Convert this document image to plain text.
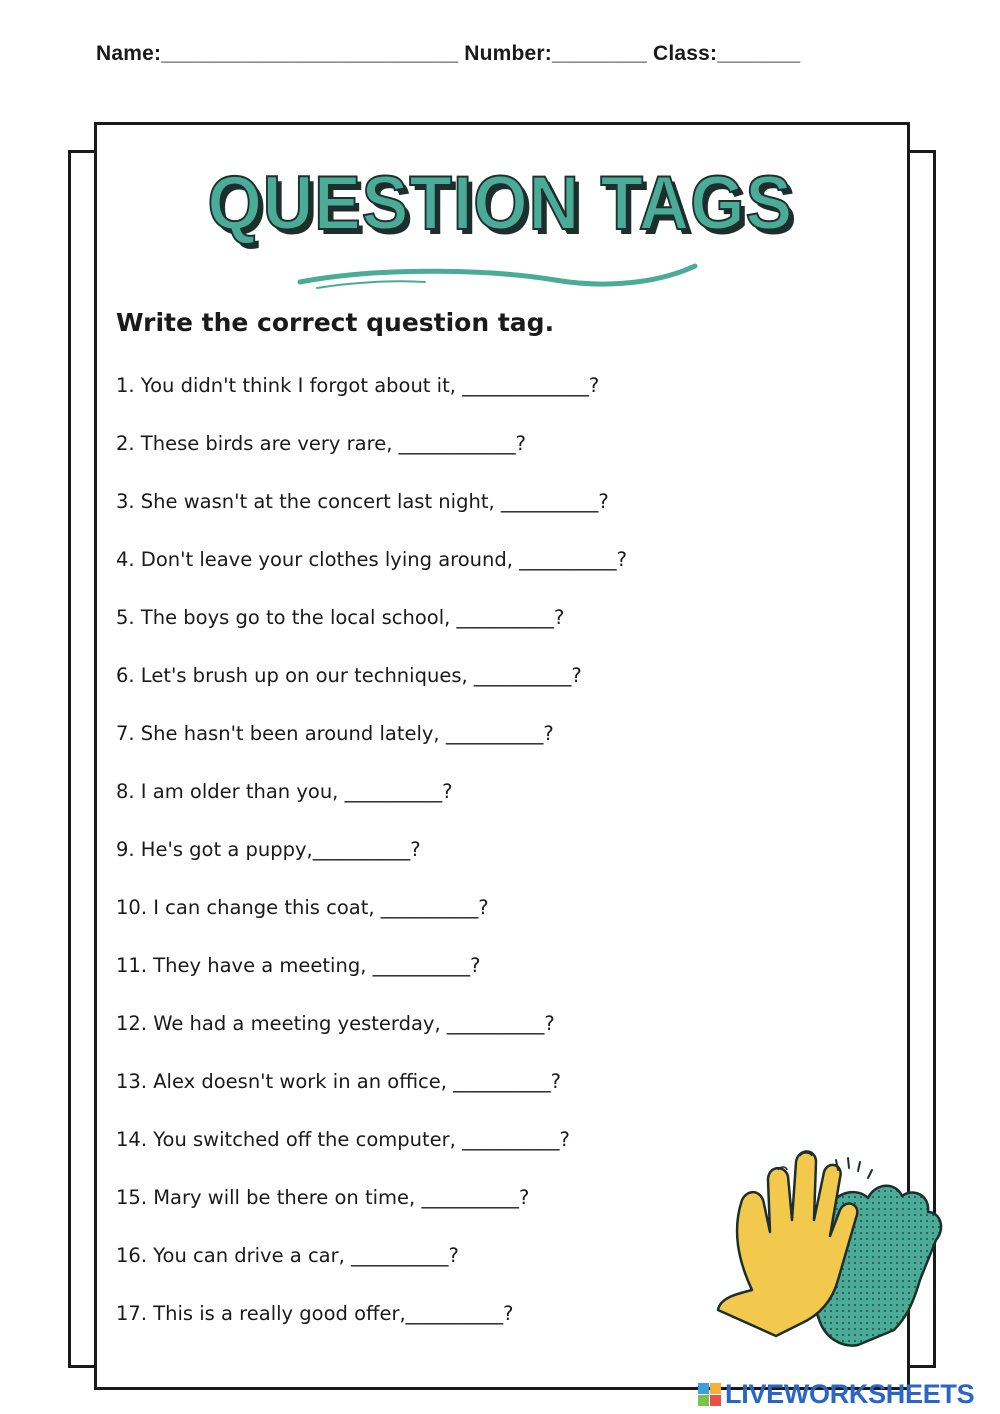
Name:_________________________ Number:________ Class:_______
QUESTION TAGS
Write the correct question tag.
1. You didn't think I forgot about it, _____________?
2. These birds are very rare, ____________?
3. She wasn't at the concert last night, __________?
4. Don't leave your clothes lying around, __________?
5. The boys go to the local school, __________?
6. Let's brush up on our techniques, __________?
7. She hasn't been around lately, __________?
8. I am older than you, __________?
9. He's got a puppy,__________?
10. I can change this coat, __________?
11. They have a meeting, __________?
12. We had a meeting yesterday, __________?
13. Alex doesn't work in an office, __________?
14. You switched off the computer, __________?
15. Mary will be there on time, __________?
16. You can drive a car, __________?
17. This is a really good offer,__________?
LIVEWORKSHEETS
